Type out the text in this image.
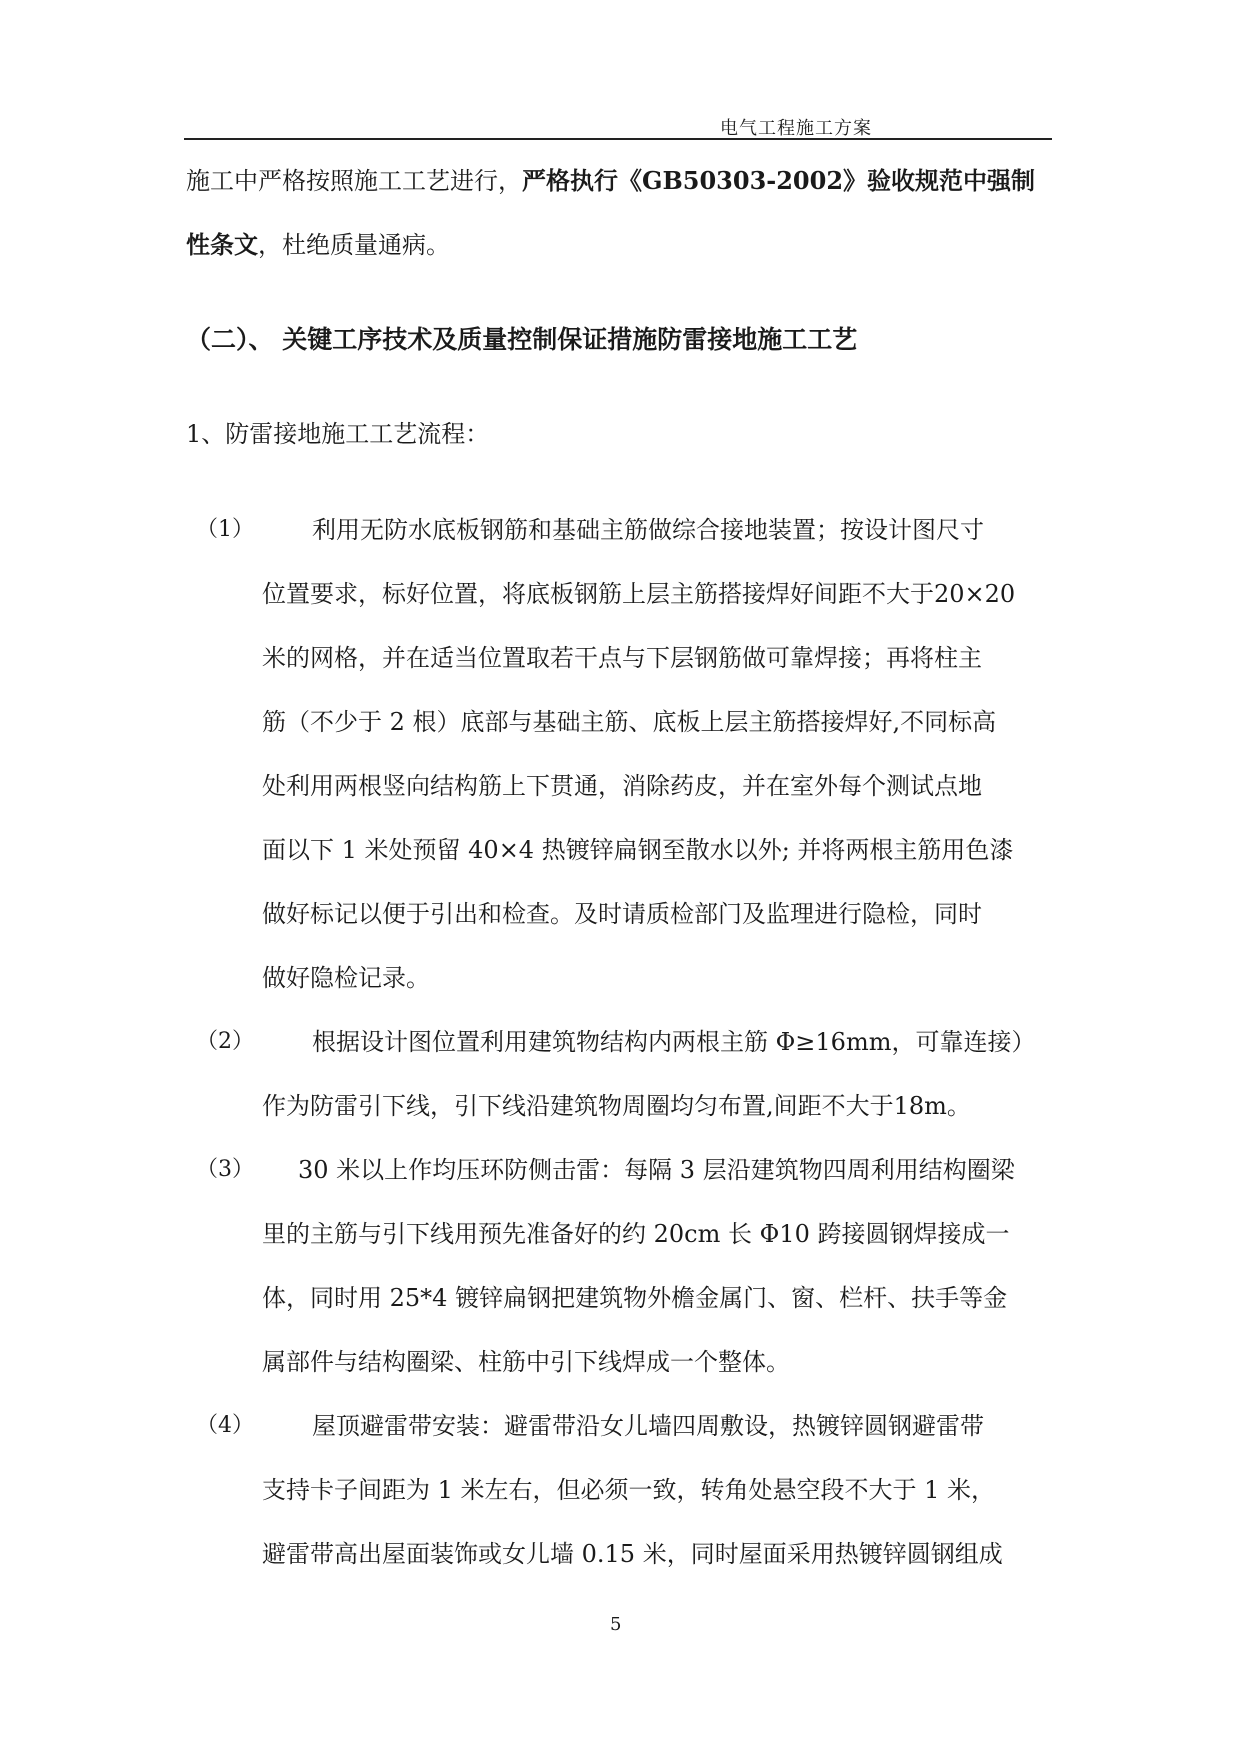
电气工程施工方案

施工中严格按照施工工艺进行，严格执行《GB50303-2002》验收规范中强制

性条文，杜绝质量通病。

（二）、 关键工序技术及质量控制保证措施防雷接地施工工艺

1、防雷接地施工工艺流程：

（1） 利用无防水底板钢筋和基础主筋做综合接地装置；按设计图尺寸

位置要求，标好位置，将底板钢筋上层主筋搭接焊好间距不大于20×20

米的网格，并在适当位置取若干点与下层钢筋做可靠焊接；再将柱主

筋（不少于 2 根）底部与基础主筋、底板上层主筋搭接焊好,不同标高

处利用两根竖向结构筋上下贯通，消除药皮，并在室外每个测试点地

面以下 1 米处预留 40×4 热镀锌扁钢至散水以外; 并将两根主筋用色漆

做好标记以便于引出和检查。及时请质检部门及监理进行隐检，同时

做好隐检记录。

（2） 根据设计图位置利用建筑物结构内两根主筋 Φ≥16mm，可靠连接）

作为防雷引下线，引下线沿建筑物周圈均匀布置,间距不大于18m。

（3） 30 米以上作均压环防侧击雷：每隔 3 层沿建筑物四周利用结构圈梁

里的主筋与引下线用预先准备好的约 20cm 长 Φ10 跨接圆钢焊接成一

体，同时用 25*4 镀锌扁钢把建筑物外檐金属门、窗、栏杆、扶手等金

属部件与结构圈梁、柱筋中引下线焊成一个整体。

（4） 屋顶避雷带安装：避雷带沿女儿墙四周敷设，热镀锌圆钢避雷带

支持卡子间距为 1 米左右，但必须一致，转角处悬空段不大于 1 米，

避雷带高出屋面装饰或女儿墙 0.15 米，同时屋面采用热镀锌圆钢组成

5
